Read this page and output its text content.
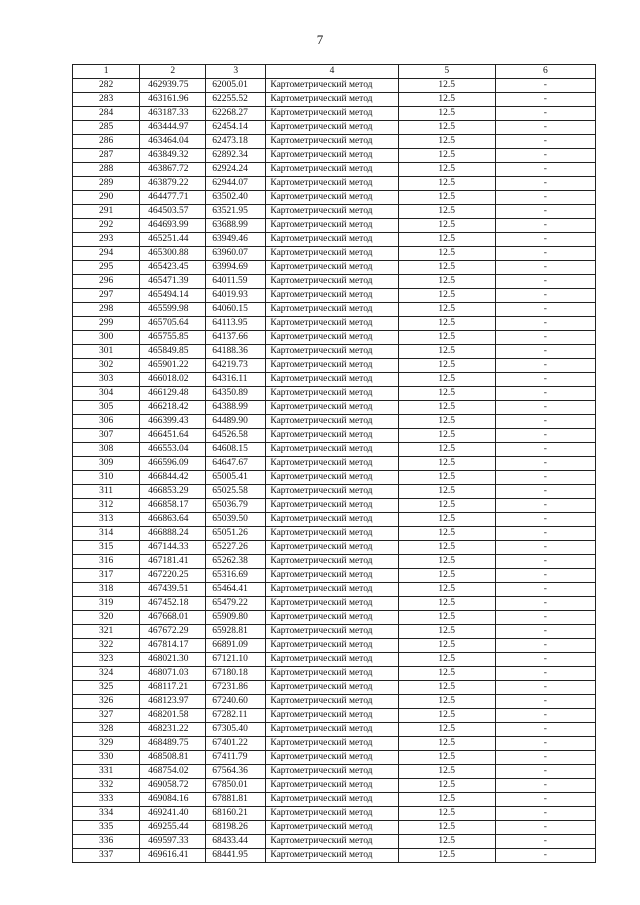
7
1	2	3	4	5	6
282	462939.75	62005.01	Картометрический метод	12.5	-
283	463161.96	62255.52	Картометрический метод	12.5	-
284	463187.33	62268.27	Картометрический метод	12.5	-
285	463444.97	62454.14	Картометрический метод	12.5	-
286	463464.04	62473.18	Картометрический метод	12.5	-
287	463849.32	62892.34	Картометрический метод	12.5	-
288	463867.72	62924.24	Картометрический метод	12.5	-
289	463879.22	62944.07	Картометрический метод	12.5	-
290	464477.71	63502.40	Картометрический метод	12.5	-
291	464503.57	63521.95	Картометрический метод	12.5	-
292	464693.99	63688.99	Картометрический метод	12.5	-
293	465251.44	63949.46	Картометрический метод	12.5	-
294	465300.88	63960.07	Картометрический метод	12.5	-
295	465423.45	63994.69	Картометрический метод	12.5	-
296	465471.39	64011.59	Картометрический метод	12.5	-
297	465494.14	64019.93	Картометрический метод	12.5	-
298	465599.98	64060.15	Картометрический метод	12.5	-
299	465705.64	64113.95	Картометрический метод	12.5	-
300	465755.85	64137.66	Картометрический метод	12.5	-
301	465849.85	64188.36	Картометрический метод	12.5	-
302	465901.22	64219.73	Картометрический метод	12.5	-
303	466018.02	64316.11	Картометрический метод	12.5	-
304	466129.48	64350.89	Картометрический метод	12.5	-
305	466218.42	64388.99	Картометрический метод	12.5	-
306	466399.43	64489.90	Картометрический метод	12.5	-
307	466451.64	64526.58	Картометрический метод	12.5	-
308	466553.04	64608.15	Картометрический метод	12.5	-
309	466596.09	64647.67	Картометрический метод	12.5	-
310	466844.42	65005.41	Картометрический метод	12.5	-
311	466853.29	65025.58	Картометрический метод	12.5	-
312	466858.17	65036.79	Картометрический метод	12.5	-
313	466863.64	65039.50	Картометрический метод	12.5	-
314	466888.24	65051.26	Картометрический метод	12.5	-
315	467144.33	65227.26	Картометрический метод	12.5	-
316	467181.41	65262.38	Картометрический метод	12.5	-
317	467220.25	65316.69	Картометрический метод	12.5	-
318	467439.51	65464.41	Картометрический метод	12.5	-
319	467452.18	65479.22	Картометрический метод	12.5	-
320	467668.01	65909.80	Картометрический метод	12.5	-
321	467672.29	65928.81	Картометрический метод	12.5	-
322	467814.17	66891.09	Картометрический метод	12.5	-
323	468021.30	67121.10	Картометрический метод	12.5	-
324	468071.03	67180.18	Картометрический метод	12.5	-
325	468117.21	67231.86	Картометрический метод	12.5	-
326	468123.97	67240.60	Картометрический метод	12.5	-
327	468201.58	67282.11	Картометрический метод	12.5	-
328	468231.22	67305.40	Картометрический метод	12.5	-
329	468489.75	67401.22	Картометрический метод	12.5	-
330	468508.81	67411.79	Картометрический метод	12.5	-
331	468754.02	67564.36	Картометрический метод	12.5	-
332	469058.72	67850.01	Картометрический метод	12.5	-
333	469084.16	67881.81	Картометрический метод	12.5	-
334	469241.40	68160.21	Картометрический метод	12.5	-
335	469255.44	68198.26	Картометрический метод	12.5	-
336	469597.33	68433.44	Картометрический метод	12.5	-
337	469616.41	68441.95	Картометрический метод	12.5	-
